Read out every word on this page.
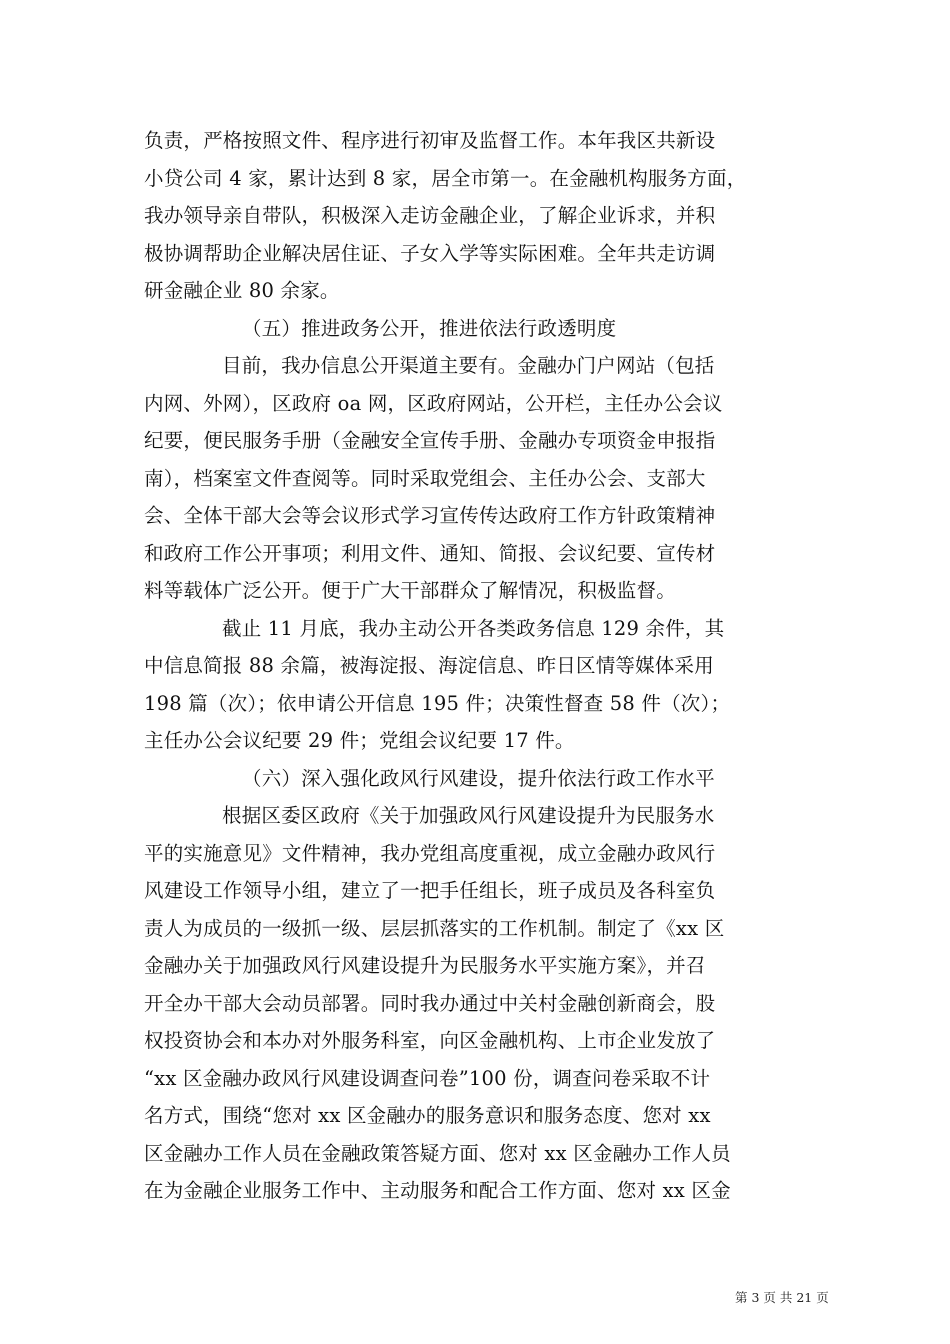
负责，严格按照文件、程序进行初审及监督工作。本年我区共新设
小贷公司 4 家，累计达到 8 家，居全市第一。在金融机构服务方面，
我办领导亲自带队，积极深入走访金融企业，了解企业诉求，并积
极协调帮助企业解决居住证、子女入学等实际困难。全年共走访调
研金融企业 80 余家。
（五）推进政务公开，推进依法行政透明度
目前，我办信息公开渠道主要有。金融办门户网站（包括
内网、外网），区政府 oa 网，区政府网站，公开栏，主任办公会议
纪要，便民服务手册（金融安全宣传手册、金融办专项资金申报指
南），档案室文件查阅等。同时采取党组会、主任办公会、支部大
会、全体干部大会等会议形式学习宣传传达政府工作方针政策精神
和政府工作公开事项；利用文件、通知、简报、会议纪要、宣传材
料等载体广泛公开。便于广大干部群众了解情况，积极监督。
截止 11 月底，我办主动公开各类政务信息 129 余件，其
中信息简报 88 余篇，被海淀报、海淀信息、昨日区情等媒体采用
198 篇（次）；依申请公开信息 195 件；决策性督查 58 件（次）；
主任办公会议纪要 29 件；党组会议纪要 17 件。
（六）深入强化政风行风建设，提升依法行政工作水平
根据区委区政府《关于加强政风行风建设提升为民服务水
平的实施意见》文件精神，我办党组高度重视，成立金融办政风行
风建设工作领导小组，建立了一把手任组长，班子成员及各科室负
责人为成员的一级抓一级、层层抓落实的工作机制。制定了《xx 区
金融办关于加强政风行风建设提升为民服务水平实施方案》，并召
开全办干部大会动员部署。同时我办通过中关村金融创新商会，股
权投资协会和本办对外服务科室，向区金融机构、上市企业发放了
“xx 区金融办政风行风建设调查问卷”100 份，调查问卷采取不计
名方式，围绕“您对 xx 区金融办的服务意识和服务态度、您对 xx
区金融办工作人员在金融政策答疑方面、您对 xx 区金融办工作人员
在为金融企业服务工作中、主动服务和配合工作方面、您对 xx 区金
第 3 页 共 21 页
